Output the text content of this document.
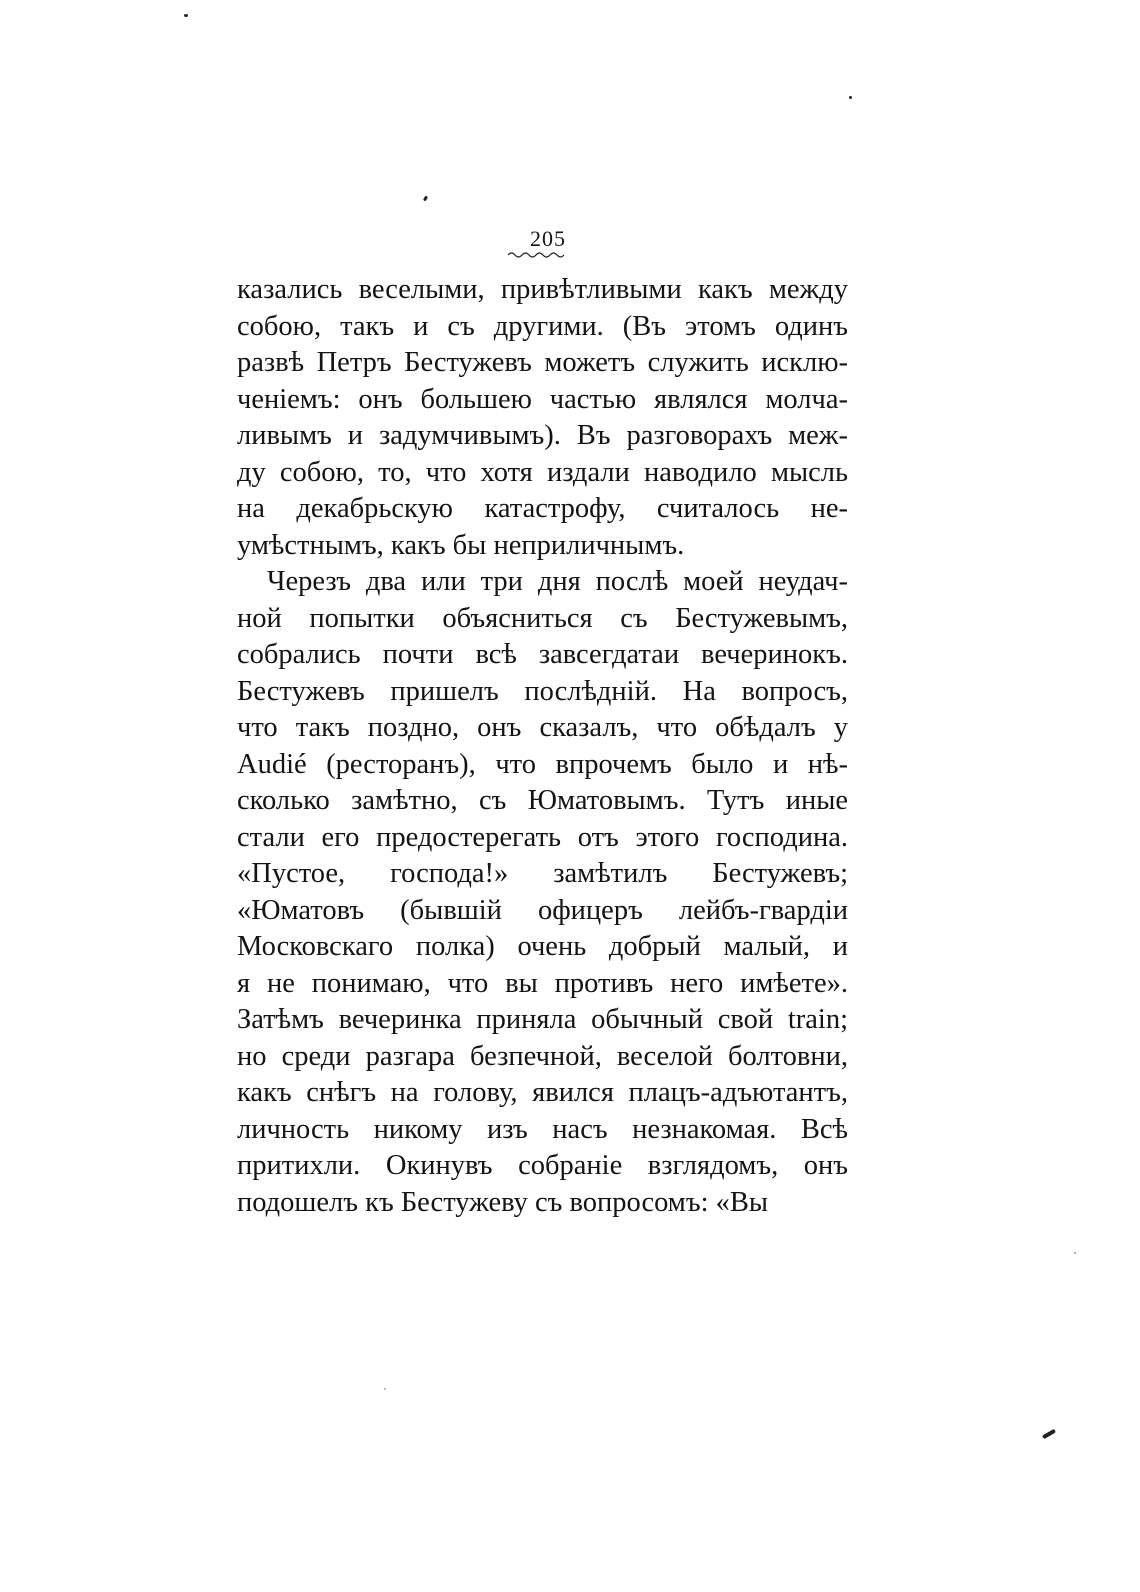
205
казались веселыми, привѣтливыми какъ между
собою, такъ и съ другими. (Въ этомъ одинъ
развѣ Петръ Бестужевъ можетъ служить исклю-
ченіемъ: онъ большею частью являлся молча-
ливымъ и задумчивымъ). Въ разговорахъ меж-
ду собою, то, что хотя издали наводило мысль
на декабрьскую катастрофу, считалось не-
умѣстнымъ, какъ бы неприличнымъ.
Черезъ два или три дня послѣ моей неудач-
ной попытки объясниться съ Бестужевымъ,
собрались почти всѣ завсегдатаи вечеринокъ.
Бестужевъ пришелъ послѣдній. На вопросъ,
что такъ поздно, онъ сказалъ, что обѣдалъ у
Audié (ресторанъ), что впрочемъ было и нѣ-
сколько замѣтно, съ Юматовымъ. Тутъ иные
стали его предостерегать отъ этого господина.
«Пустое, господа!» замѣтилъ Бестужевъ;
«Юматовъ (бывшій офицеръ лейбъ-гвардіи
Московскаго полка) очень добрый малый, и
я не понимаю, что вы противъ него имѣете».
Затѣмъ вечеринка приняла обычный свой train;
но среди разгара безпечной, веселой болтовни,
какъ снѣгъ на голову, явился плацъ-адъютантъ,
личность никому изъ насъ незнакомая. Всѣ
притихли. Окинувъ собраніе взглядомъ, онъ
подошелъ къ Бестужеву съ вопросомъ: «Вы
